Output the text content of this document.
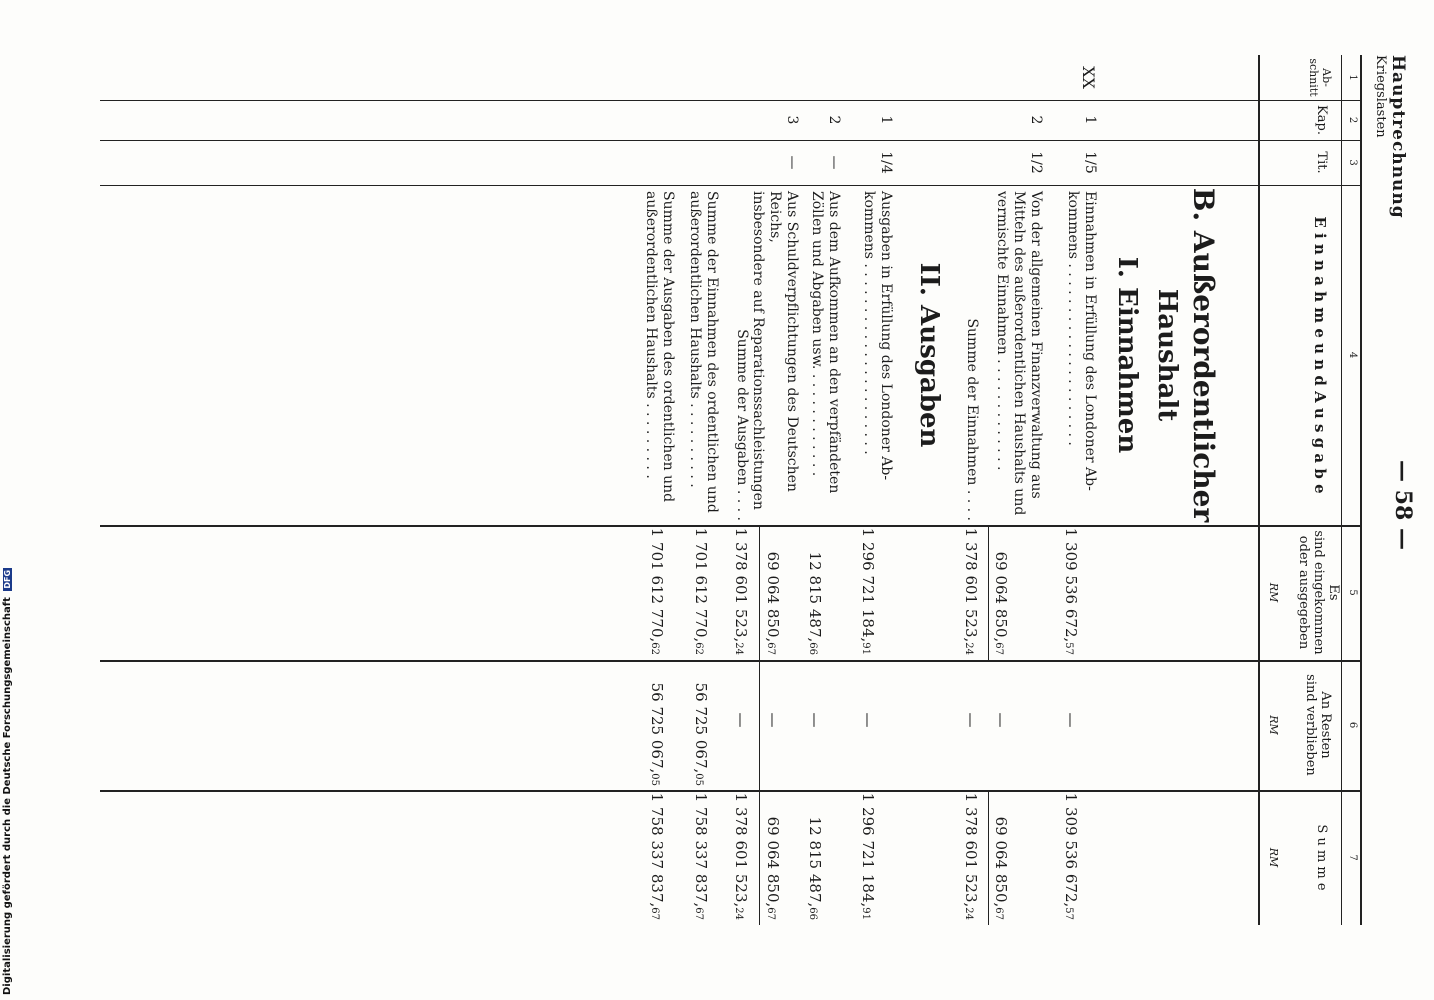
Digitalisierung gefördert durch die Deutsche Forschungsgemeinschaft DFG
Hauptrechnung
Kriegslasten
— 58 —
1
2
3
4
5
6
7
Ab-
schnitt
Kap.
Tit.
E i n n a h m e u n d A u s g a b e
Es
sind eingekommen
oder ausgegeben
An Resten
sind verblieben
S u m m e
RM
RM
RM
B. Außerordentlicher
Haushalt
I. Einnahmen
XX
1
1/5
Einnahmen in Erfüllung des Londoner Ab-
kommens . . . . . . . . . . . . . . . . . . . . .
1 309 536 672,57
—
1 309 536 672,57
2
1/2
Von der allgemeinen Finanzverwaltung aus
Mitteln des außerordentlichen Haushalts und
vermischte Einnahmen . . . . . . . . . . . . .
69 064 850,67
—
69 064 850,67
Summe der Einnahmen . . . .
1 378 601 523,24
—
1 378 601 523,24
II. Ausgaben
1
1/4
Ausgaben in Erfüllung des Londoner Ab-
kommens . . . . . . . . . . . . . . . . . . . . . .
1 296 721 184,91
—
1 296 721 184,91
2
—
Aus dem Aufkommen an den verpfändeten
Zöllen und Abgaben usw. . . . . . . . . . . . .
12 815 487,66
—
12 815 487,66
3
—
Aus Schuldverpflichtungen des Deutschen Reichs,
insbesondere auf Reparationssachleistungen
69 064 850,67
—
69 064 850,67
Summe der Ausgaben . . . .
1 378 601 523,24
—
1 378 601 523,24
Summe der Einnahmen des ordentlichen und
außerordentlichen Haushalts . . . . . . . . . .
1 701 612 770,62
56 725 067,05
1 758 337 837,67
Summe der Ausgaben des ordentlichen und
außerordentlichen Haushalts . . . . . . . . .
1 701 612 770,62
56 725 067,05
1 758 337 837,67
